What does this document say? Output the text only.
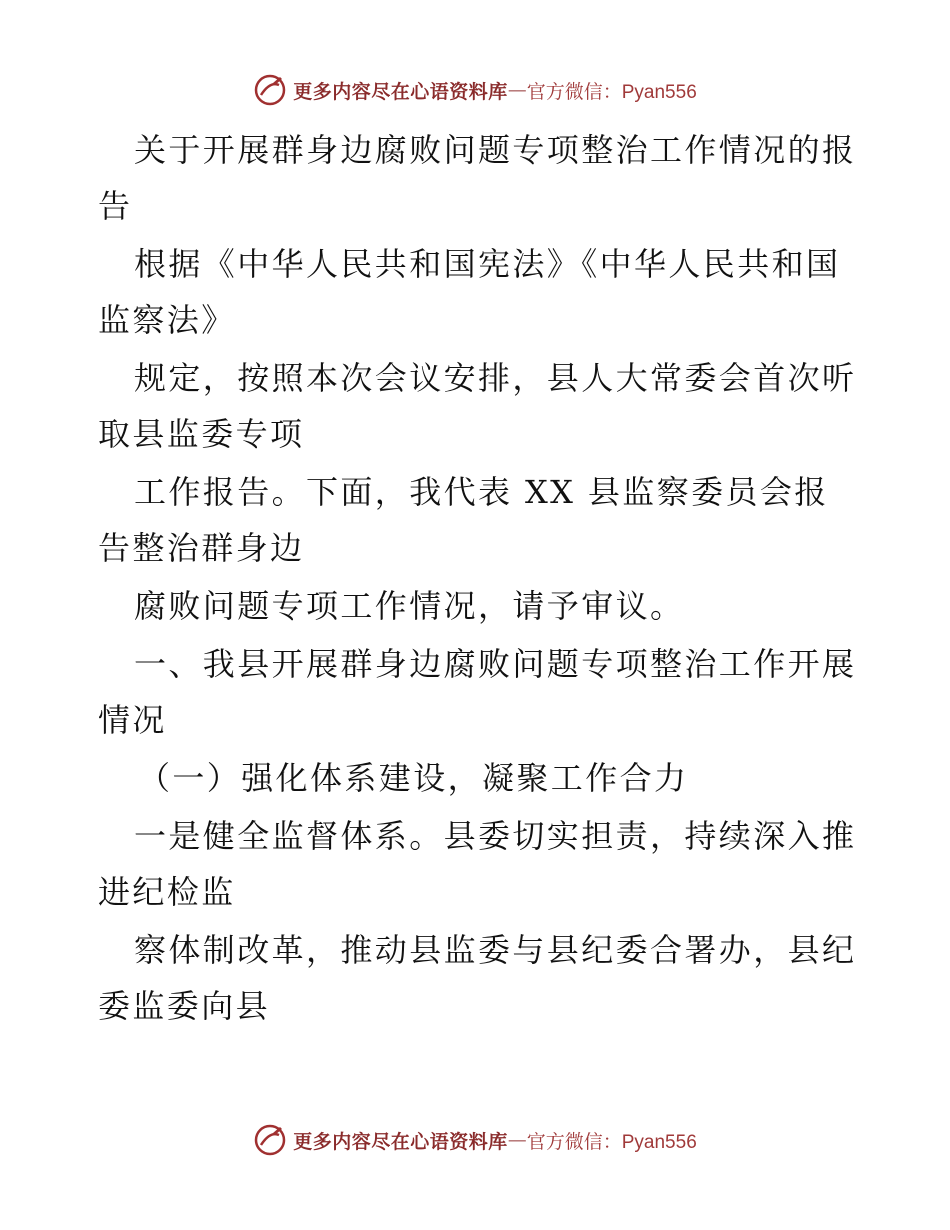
更多内容尽在心语资料库 — 官方微信：Pyan556
关于开展群身边腐败问题专项整治工作情况的报告
根据《中华人民共和国宪法》《中华人民共和国监察法》
规定，按照本次会议安排，县人大常委会首次听取县监委专项
工作报告。下面，我代表 XX 县监察委员会报告整治群身边
腐败问题专项工作情况，请予审议。
一、我县开展群身边腐败问题专项整治工作开展情况
（一）强化体系建设，凝聚工作合力
一是健全监督体系。县委切实担责，持续深入推进纪检监
察体制改革，推动县监委与县纪委合署办，县纪委监委向县
更多内容尽在心语资料库 — 官方微信：Pyan556
